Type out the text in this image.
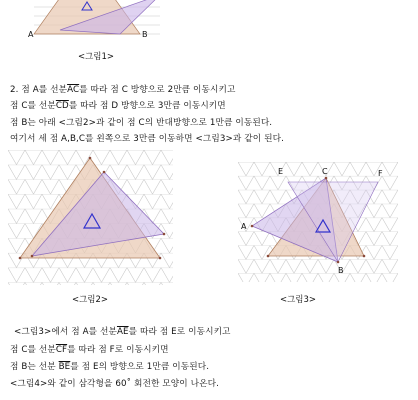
A	B
<그림1>
2. 점 A를 선분$\overline{AC}$를 따라 점 C 방향으로 2만큼 이동시키고
점 C를 선분$\overline{CD}$를 따라 점 D 방향으로 3만큼 이동시키면
점 B는 아래 <그림2>과 같이 점 C의 반대방향으로 1만큼 이동된다.
여기서 세 점 A,B,C를 왼쪽으로 3만큼 이동하면 <그림3>과 같이 된다.
<그림2>
A
B
C
E	F
<그림3>
<그림3>에서 점 A를 선분$\overline{AE}$를 따라 점 E로 이동시키고
점 C를 선분$\overline{CF}$를 따라 점 F로 이동시키면
점 B는 선분 $\overline{BE}$를 점 E의 방향으로 1만큼 이동된다.
<그림4>와 같이 삼각형을 60˚ 회전한 모양이 나온다.
